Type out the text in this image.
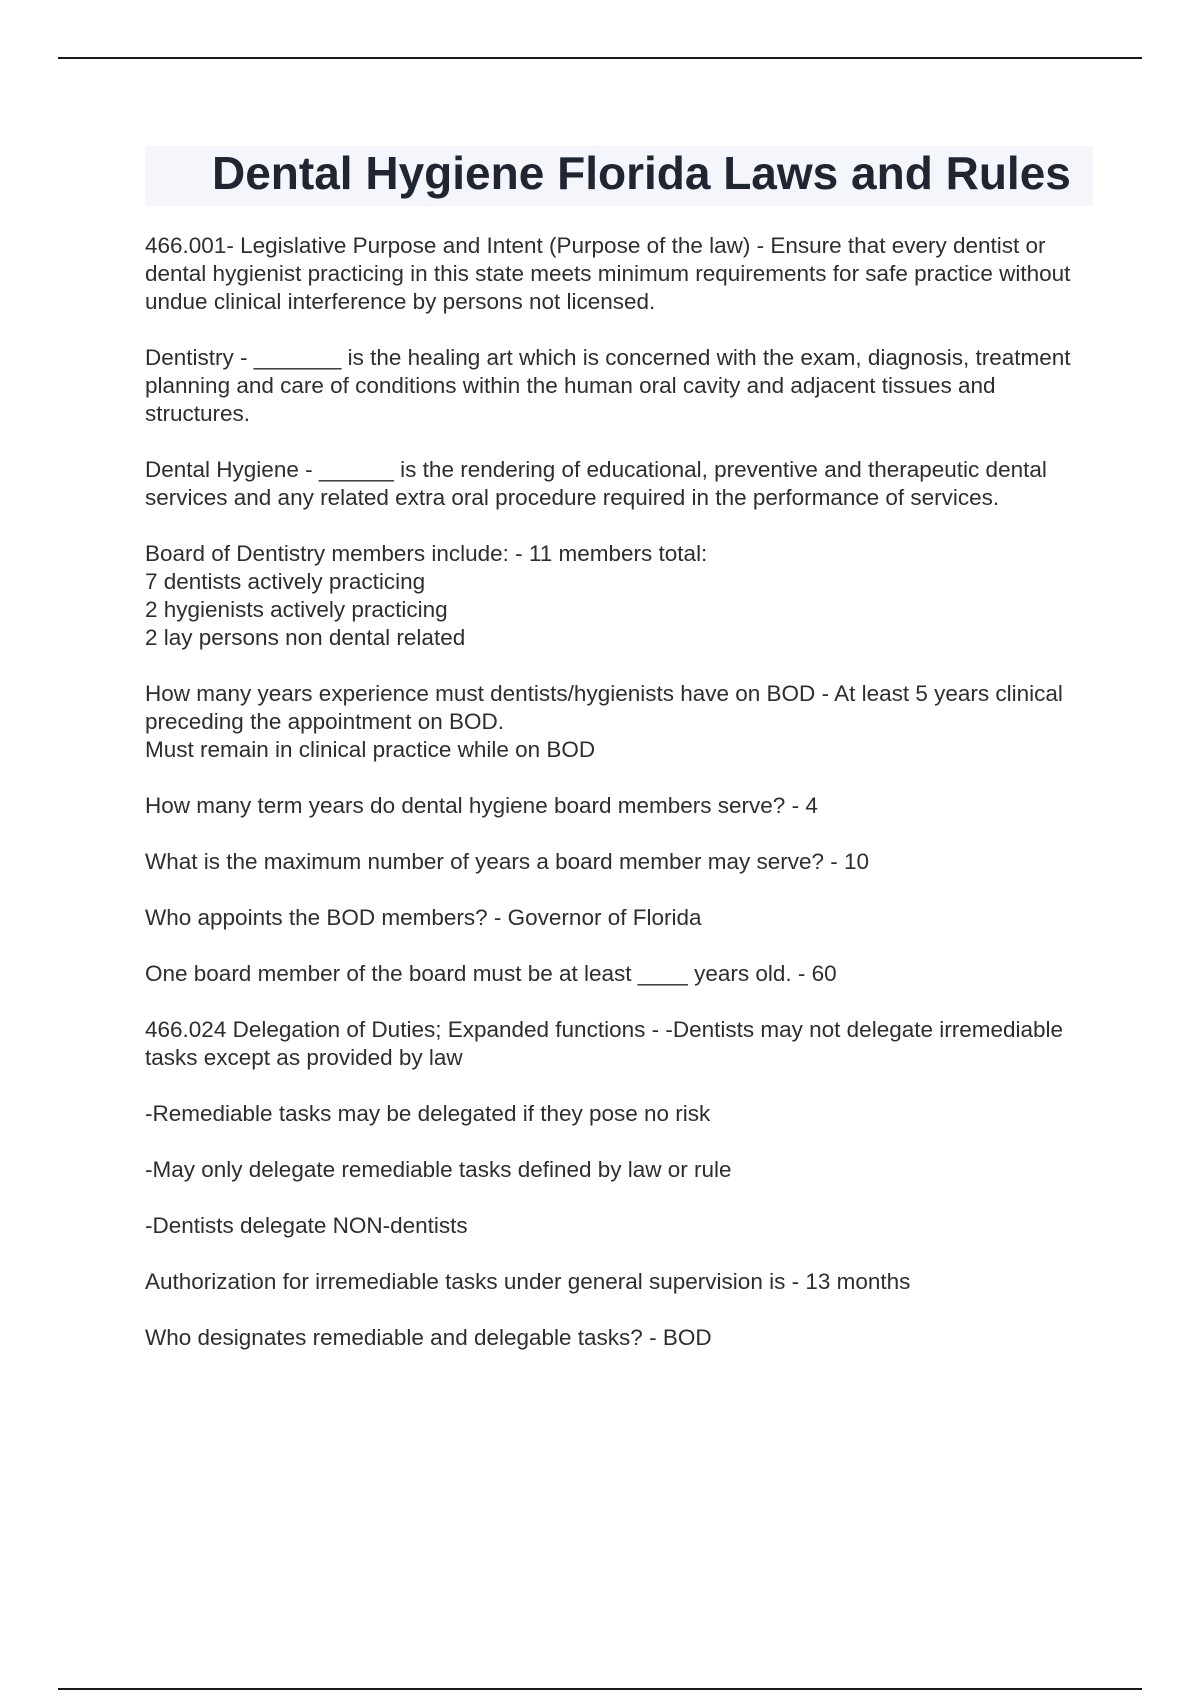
Dental Hygiene Florida Laws and Rules

466.001- Legislative Purpose and Intent (Purpose of the law) - Ensure that every dentist or dental hygienist practicing in this state meets minimum requirements for safe practice without undue clinical interference by persons not licensed.

Dentistry - _______ is the healing art which is concerned with the exam, diagnosis, treatment planning and care of conditions within the human oral cavity and adjacent tissues and structures.

Dental Hygiene - ______ is the rendering of educational, preventive and therapeutic dental services and any related extra oral procedure required in the performance of services.

Board of Dentistry members include: - 11 members total:
7 dentists actively practicing
2 hygienists actively practicing
2 lay persons non dental related

How many years experience must dentists/hygienists have on BOD - At least 5 years clinical preceding the appointment on BOD.
Must remain in clinical practice while on BOD

How many term years do dental hygiene board members serve? - 4

What is the maximum number of years a board member may serve? - 10

Who appoints the BOD members? - Governor of Florida

One board member of the board must be at least ____ years old. - 60

466.024 Delegation of Duties; Expanded functions - -Dentists may not delegate irremediable tasks except as provided by law

-Remediable tasks may be delegated if they pose no risk

-May only delegate remediable tasks defined by law or rule

-Dentists delegate NON-dentists

Authorization for irremediable tasks under general supervision is - 13 months

Who designates remediable and delegable tasks? - BOD
